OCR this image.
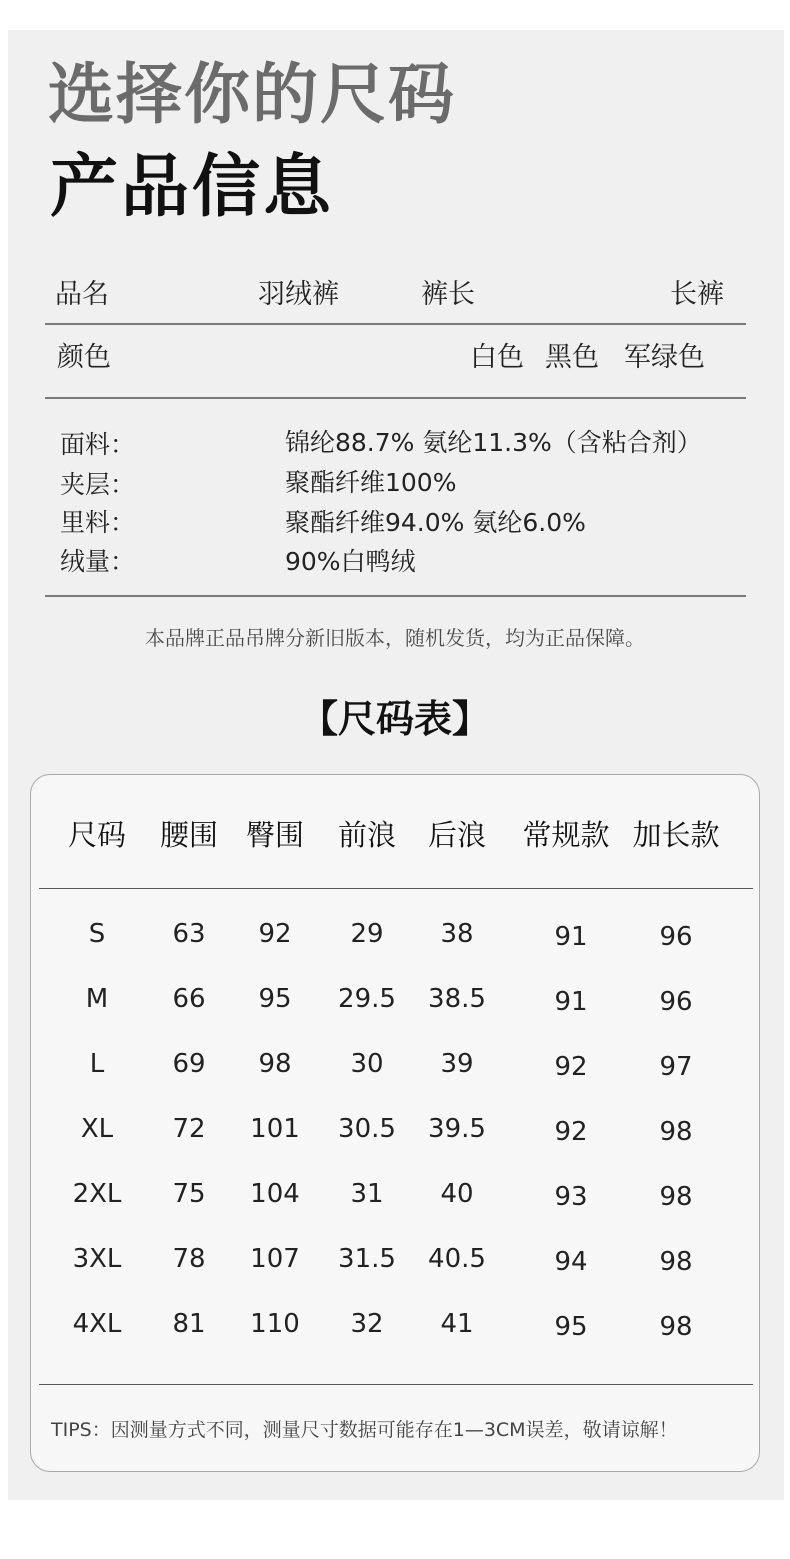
选择你的尺码
产品信息
品名	羽绒裤	裤长	长裤
颜色	白色 黑色 军绿色
面料：	锦纶88.7% 氨纶11.3%（含粘合剂）
夹层：	聚酯纤维100%
里料：	聚酯纤维94.0% 氨纶6.0%
绒量：	90%白鸭绒
本品牌正品吊牌分新旧版本，随机发货，均为正品保障。
【尺码表】
尺码 腰围 臀围 前浪 后浪 常规款 加长款
S	63 92 29 38	91	96
M 66 95 29.5 38.5	91	96
L	69 98 30 39	92	97
XL 72 101 30.5 39.5	92	98
2XL 75 104 31 40	93	98
3XL 78 107 31.5 40.5	94	98
4XL 81 110 32 41	95	98
TIPS：因测量方式不同，测量尺寸数据可能存在1—3CM误差，敬请谅解！
